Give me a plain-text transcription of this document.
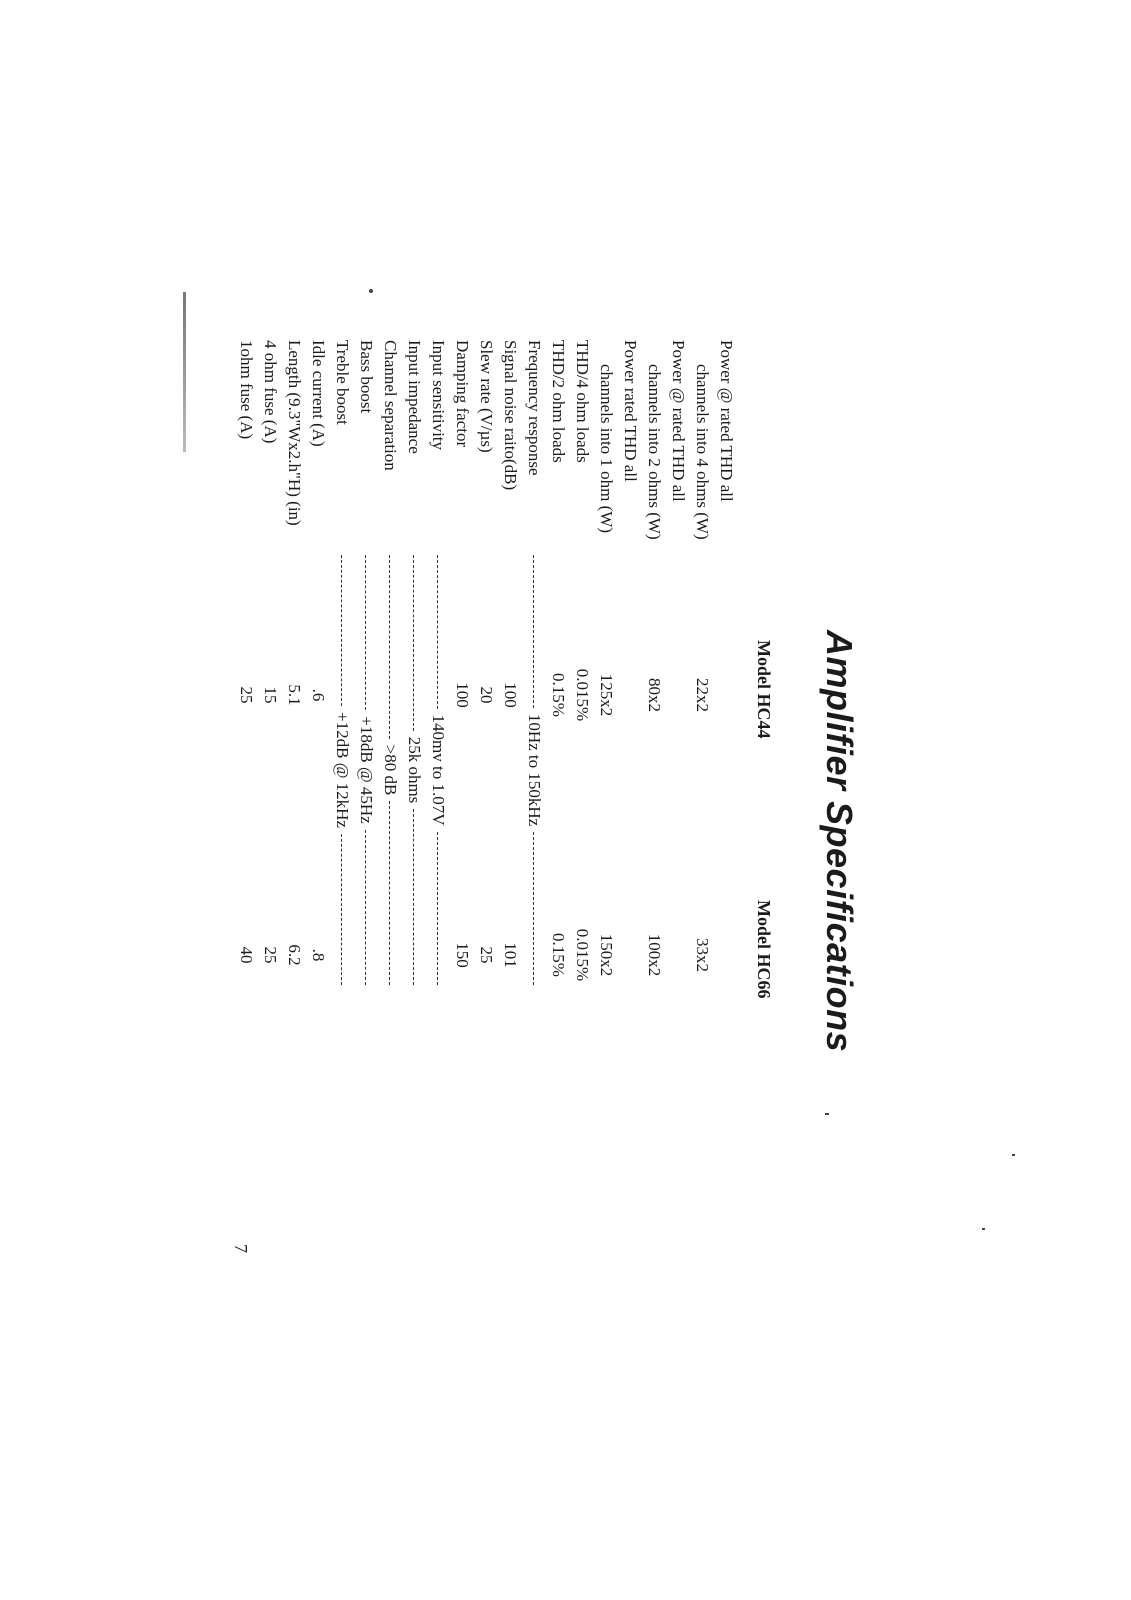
Amplifier Specifications
Model HC44
Model HC66
Power @ rated THD all
channels into 4 ohms (W)
22x2
33x2
Power @ rated THD all
channels into 2 ohms (W)
80x2
100x2
Power rated THD all
channels into 1 ohm (W)
125x2
150x2
THD/4 ohm loads
0.015%
0.015%
THD/2 ohm loads
0.15%
0.15%
Frequency response
10Hz to 150kHz
Signal noise raito(dB)
100
101
Slew rate (V/µs)
20
25
Damping factor
100
150
Input sensitivity
140mv to 1.07V
Input impedance
25k ohms
Channel separation
>80 dB
Bass boost
+18dB @ 45Hz
Treble boost
+12dB @ 12kHz
Idle current (A)
.6
.8
Length (9.3"Wx2.h"H) (in)
5.1
6.2
4 ohm fuse (A)
15
25
1ohm fuse (A)
25
40
7
